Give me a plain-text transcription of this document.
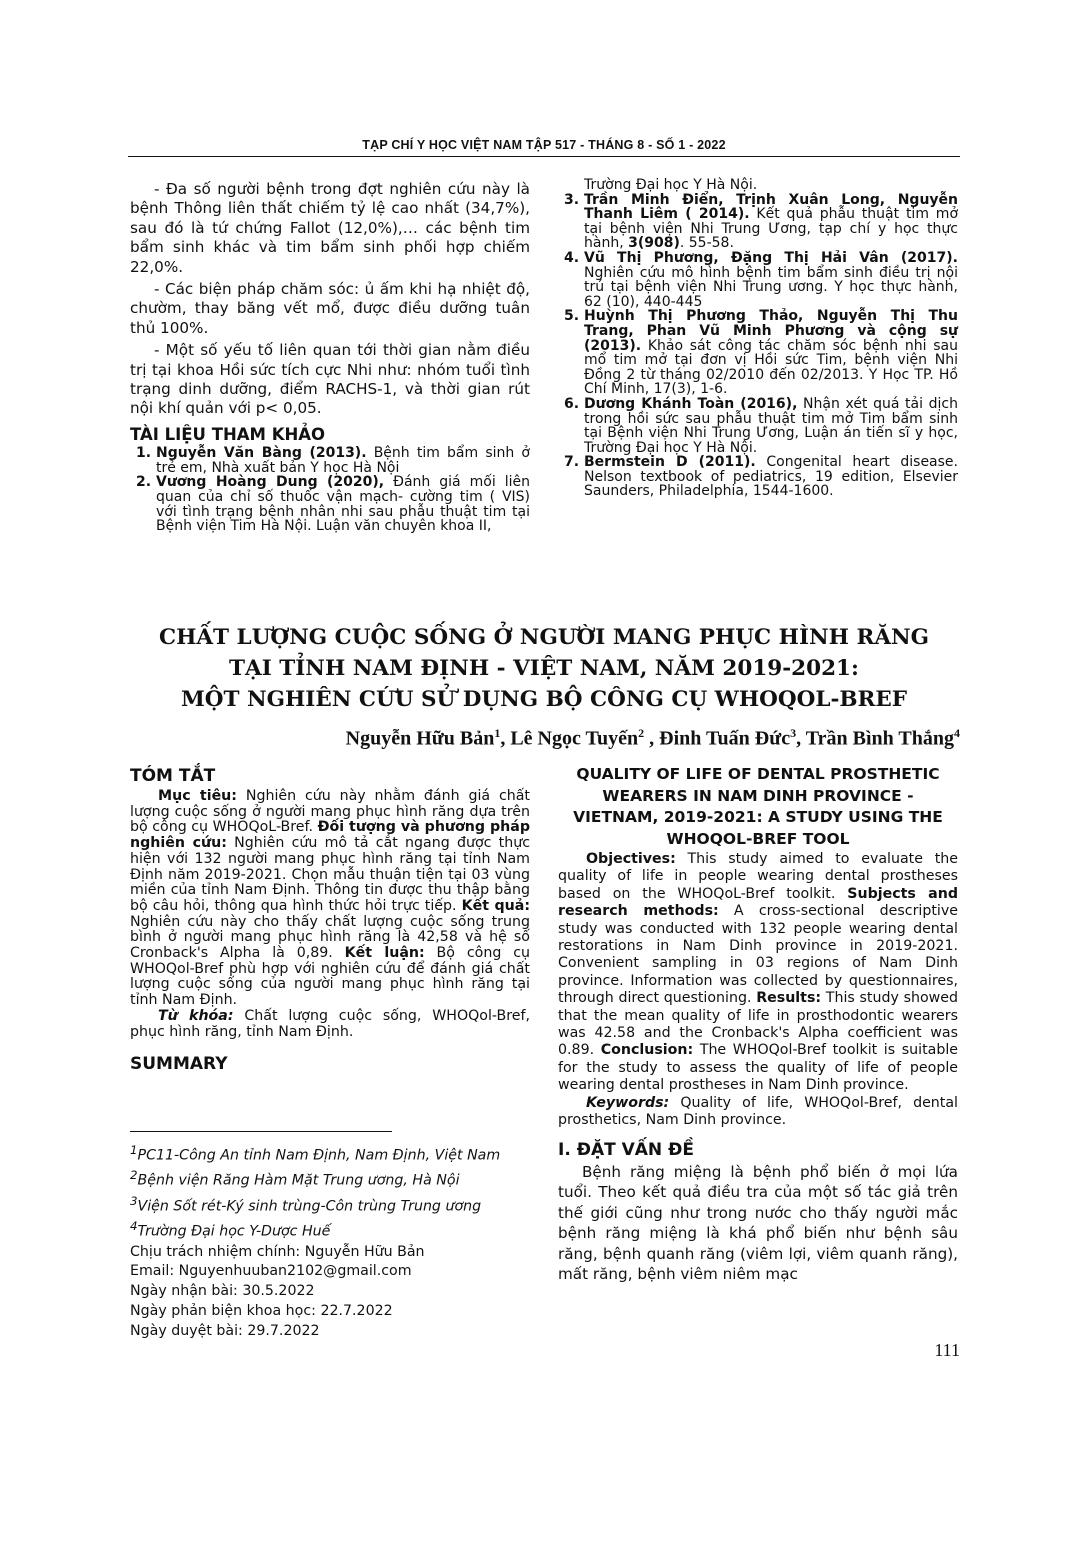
TẠP CHÍ Y HỌC VIỆT NAM TẬP 517 - THÁNG 8 - SỐ 1 - 2022

- Đa số người bệnh trong đợt nghiên cứu này là bệnh Thông liên thất chiếm tỷ lệ cao nhất (34,7%), sau đó là tứ chứng Fallot (12,0%),… các bệnh tim bẩm sinh khác và tim bẩm sinh phối hợp chiếm 22,0%.

- Các biện pháp chăm sóc: ủ ấm khi hạ nhiệt độ, chườm, thay băng vết mổ, được điều dưỡng tuân thủ 100%.

- Một số yếu tố liên quan tới thời gian nằm điều trị tại khoa Hồi sức tích cực Nhi như: nhóm tuổi tình trạng dinh dưỡng, điểm RACHS-1, và thời gian rút nội khí quản với p< 0,05.

TÀI LIỆU THAM KHẢO
1. Nguyễn Văn Bàng (2013). Bệnh tim bẩm sinh ở trẻ em, Nhà xuất bản Y học Hà Nội
2. Vương Hoàng Dung (2020), Đánh giá mối liên quan của chỉ số thuốc vận mạch- cường tim ( VIS) với tình trạng bệnh nhân nhi sau phẫu thuật tim tại Bệnh viện Tim Hà Nội. Luận văn chuyên khoa II,
Trường Đại học Y Hà Nội.
3. Trần Minh Điển, Trịnh Xuân Long, Nguyễn Thanh Liêm ( 2014). Kết quả phẫu thuật tim mở tại bệnh viện Nhi Trung Ương, tạp chí y học thực hành, 3(908). 55-58.
4. Vũ Thị Phương, Đặng Thị Hải Vân (2017). Nghiên cứu mô hình bệnh tim bẩm sinh điều trị nội trú tại bệnh viện Nhi Trung ương. Y học thực hành, 62 (10), 440-445
5. Huỳnh Thị Phương Thảo, Nguyễn Thị Thu Trang, Phan Vũ Minh Phương và cộng sự (2013). Khảo sát công tác chăm sóc bệnh nhi sau mổ tim mở tại đơn vị Hồi sức Tim, bệnh viện Nhi Đồng 2 từ tháng 02/2010 đến 02/2013. Y Học TP. Hồ Chí Minh, 17(3), 1-6.
6. Dương Khánh Toàn (2016), Nhận xét quá tải dịch trong hồi sức sau phẫu thuật tim mở Tim bẩm sinh tại Bệnh viện Nhi Trung Ương, Luận án tiến sĩ y học, Trường Đại học Y Hà Nội.
7. Bermstein D (2011). Congenital heart disease. Nelson textbook of pediatrics, 19 edition, Elsevier Saunders, Philadelphia, 1544-1600.
CHẤT LƯỢNG CUỘC SỐNG Ở NGƯỜI MANG PHỤC HÌNH RĂNG
TẠI TỈNH NAM ĐỊNH - VIỆT NAM, NĂM 2019-2021:
MỘT NGHIÊN CỨU SỬ DỤNG BỘ CÔNG CỤ WHOQOL-BREF
Nguyễn Hữu Bản$^1$, Lê Ngọc Tuyến$^2$ , Đinh Tuấn Đức$^3$, Trần Bình Thắng$^4$
TÓM TẮT

Mục tiêu: Nghiên cứu này nhằm đánh giá chất lượng cuộc sống ở người mang phục hình răng dựa trên bộ công cụ WHOQoL-Bref. Đối tượng và phương pháp nghiên cứu: Nghiên cứu mô tả cắt ngang được thực hiện với 132 người mang phục hình răng tại tỉnh Nam Định năm 2019-2021. Chọn mẫu thuận tiện tại 03 vùng miền của tỉnh Nam Định. Thông tin được thu thập bằng bộ câu hỏi, thông qua hình thức hỏi trực tiếp. Kết quả: Nghiên cứu này cho thấy chất lượng cuộc sống trung bình ở người mang phục hình răng là 42,58 và hệ số Cronback's Alpha là 0,89. Kết luận: Bộ công cụ WHOQol-Bref phù hợp với nghiên cứu để đánh giá chất lượng cuộc sống của người mang phục hình răng tại tỉnh Nam Định.

Từ khóa: Chất lượng cuộc sống, WHOQol-Bref, phục hình răng, tỉnh Nam Định.

SUMMARY
$^1$PC11-Công An tỉnh Nam Định, Nam Định, Việt Nam
$^2$Bệnh viện Răng Hàm Mặt Trung ương, Hà Nội
$^3$Viện Sốt rét-Ký sinh trùng-Côn trùng Trung ương
$^4$Trường Đại học Y-Dược Huế
Chịu trách nhiệm chính: Nguyễn Hữu Bản
Email: Nguyenhuuban2102@gmail.com
Ngày nhận bài: 30.5.2022
Ngày phản biện khoa học: 22.7.2022
Ngày duyệt bài: 29.7.2022
QUALITY OF LIFE OF DENTAL PROSTHETIC
WEARERS IN NAM DINH PROVINCE -
VIETNAM, 2019-2021: A STUDY USING THE
WHOQOL-BREF TOOL

Objectives: This study aimed to evaluate the quality of life in people wearing dental prostheses based on the WHOQoL-Bref toolkit. Subjects and research methods: A cross-sectional descriptive study was conducted with 132 people wearing dental restorations in Nam Dinh province in 2019-2021. Convenient sampling in 03 regions of Nam Dinh province. Information was collected by questionnaires, through direct questioning. Results: This study showed that the mean quality of life in prosthodontic wearers was 42.58 and the Cronback's Alpha coefficient was 0.89. Conclusion: The WHOQol-Bref toolkit is suitable for the study to assess the quality of life of people wearing dental prostheses in Nam Dinh province.

Keywords: Quality of life, WHOQol-Bref, dental prosthetics, Nam Dinh province.

I. ĐẶT VẤN ĐỀ

Bệnh răng miệng là bệnh phổ biến ở mọi lứa tuổi. Theo kết quả điều tra của một số tác giả trên thế giới cũng như trong nước cho thấy người mắc bệnh răng miệng là khá phổ biến như bệnh sâu răng, bệnh quanh răng (viêm lợi, viêm quanh răng), mất răng, bệnh viêm niêm mạc

111
